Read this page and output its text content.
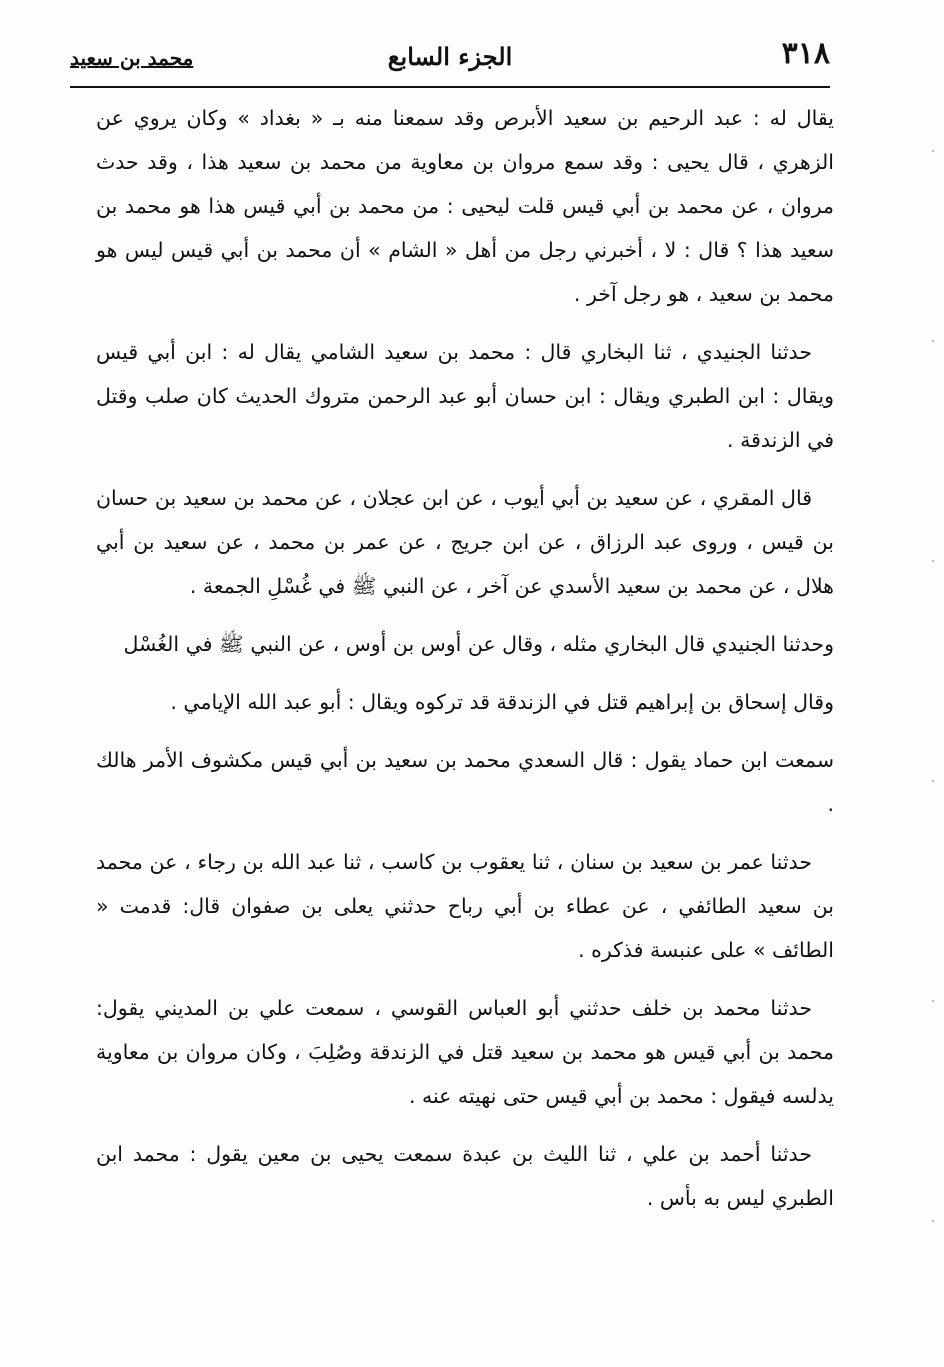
٣١٨
الجزء السابع
محمد بن سعيد

يقال له : عبد الرحيم بن سعيد الأبرص وقد سمعنا منه بـ « بغداد » وكان يروي عن الزهري ، قال يحيى : وقد سمع مروان بن معاوية من محمد بن سعيد هذا ، وقد حدث مروان ، عن محمد بن أبي قيس قلت ليحيى : من محمد بن أبي قيس هذا هو محمد بن سعيد هذا ؟ قال : لا ، أخبرني رجل من أهل « الشام » أن محمد بن أبي قيس ليس هو محمد بن سعيد ، هو رجل آخر .

حدثنا الجنيدي ، ثنا البخاري قال : محمد بن سعيد الشامي يقال له : ابن أبي قيس ويقال : ابن الطبري ويقال : ابن حسان أبو عبد الرحمن متروك الحديث كان صلب وقتل في الزندقة .

قال المقري ، عن سعيد بن أبي أيوب ، عن ابن عجلان ، عن محمد بن سعيد بن حسان بن قيس ، وروى عبد الرزاق ، عن ابن جريج ، عن عمر بن محمد ، عن سعيد بن أبي هلال ، عن محمد بن سعيد الأسدي عن آخر ، عن النبي ﷺ في غُسْلِ الجمعة .

وحدثنا الجنيدي قال البخاري مثله ، وقال عن أوس بن أوس ، عن النبي ﷺ في الغُسْل

وقال إسحاق بن إبراهيم قتل في الزندقة قد تركوه ويقال : أبو عبد الله الإيامي .

سمعت ابن حماد يقول : قال السعدي محمد بن سعيد بن أبي قيس مكشوف الأمر هالك .

حدثنا عمر بن سعيد بن سنان ، ثنا يعقوب بن كاسب ، ثنا عبد الله بن رجاء ، عن محمد بن سعيد الطائفي ، عن عطاء بن أبي رباح حدثني يعلى بن صفوان قال: قدمت « الطائف » على عنبسة فذكره .

حدثنا محمد بن خلف حدثني أبو العباس القوسي ، سمعت علي بن المديني يقول: محمد بن أبي قيس هو محمد بن سعيد قتل في الزندقة وصُلِبَ ، وكان مروان بن معاوية يدلسه فيقول : محمد بن أبي قيس حتى نهيته عنه .

حدثنا أحمد بن علي ، ثنا الليث بن عبدة سمعت يحيى بن معين يقول : محمد ابن الطبري ليس به بأس .
